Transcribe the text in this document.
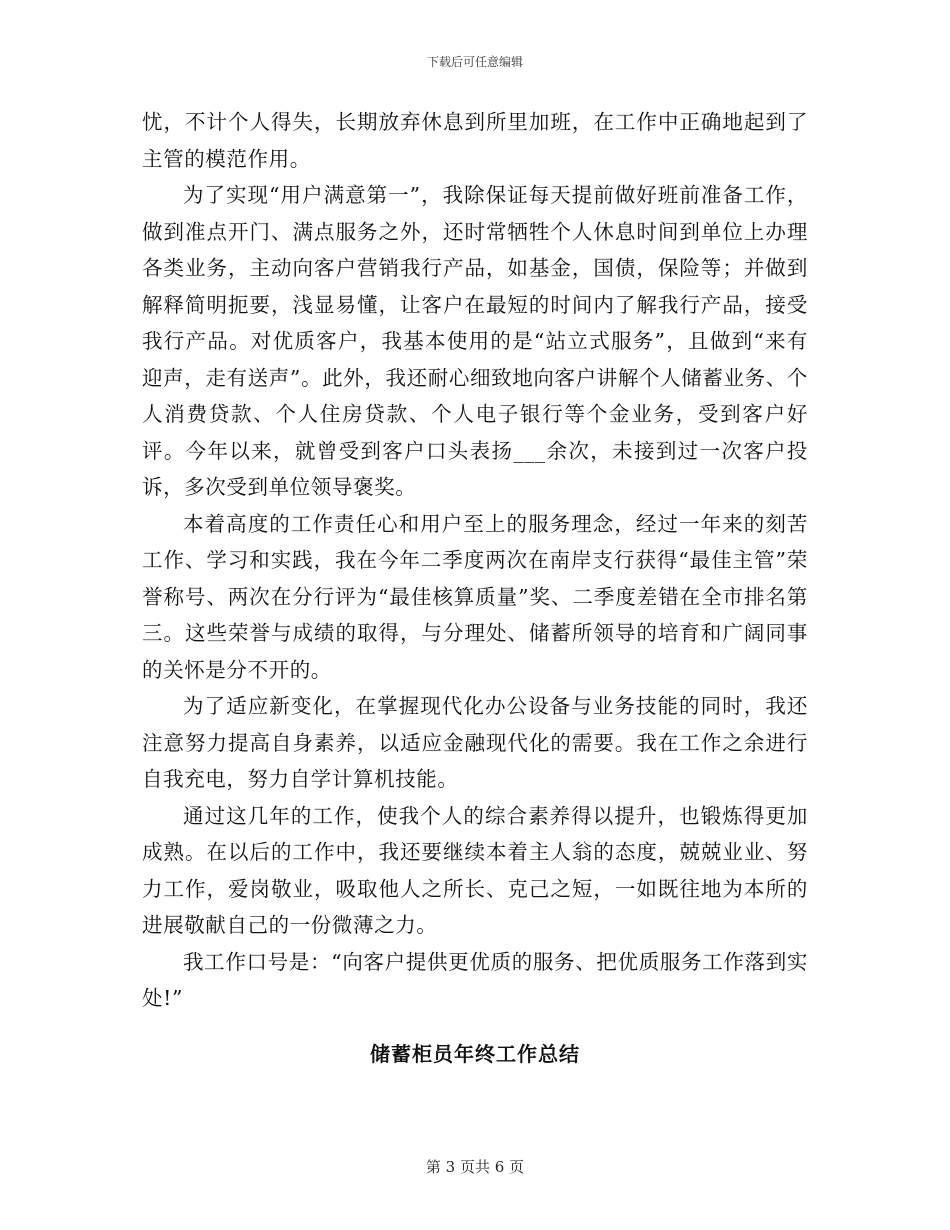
下载后可任意编辑

忧，不计个人得失，长期放弃休息到所里加班，在工作中正确地起到了主管的模范作用。

为了实现“用户满意第一”，我除保证每天提前做好班前准备工作，做到准点开门、满点服务之外，还时常牺牲个人休息时间到单位上办理各类业务，主动向客户营销我行产品，如基金，国债，保险等；并做到解释简明扼要，浅显易懂，让客户在最短的时间内了解我行产品，接受我行产品。对优质客户，我基本使用的是“站立式服务”，且做到“来有迎声，走有送声”。此外，我还耐心细致地向客户讲解个人储蓄业务、个人消费贷款、个人住房贷款、个人电子银行等个金业务，受到客户好评。今年以来，就曾受到客户口头表扬___余次，未接到过一次客户投诉，多次受到单位领导褒奖。

本着高度的工作责任心和用户至上的服务理念，经过一年来的刻苦工作、学习和实践，我在今年二季度两次在南岸支行获得“最佳主管”荣誉称号、两次在分行评为“最佳核算质量”奖、二季度差错在全市排名第三。这些荣誉与成绩的取得，与分理处、储蓄所领导的培育和广阔同事的关怀是分不开的。

为了适应新变化，在掌握现代化办公设备与业务技能的同时，我还注意努力提高自身素养，以适应金融现代化的需要。我在工作之余进行自我充电，努力自学计算机技能。

通过这几年的工作，使我个人的综合素养得以提升，也锻炼得更加成熟。在以后的工作中，我还要继续本着主人翁的态度，兢兢业业、努力工作，爱岗敬业，吸取他人之所长、克己之短，一如既往地为本所的进展敬献自己的一份微薄之力。

我工作口号是：“向客户提供更优质的服务、把优质服务工作落到实处!”

储蓄柜员年终工作总结
第 3 页共 6 页
